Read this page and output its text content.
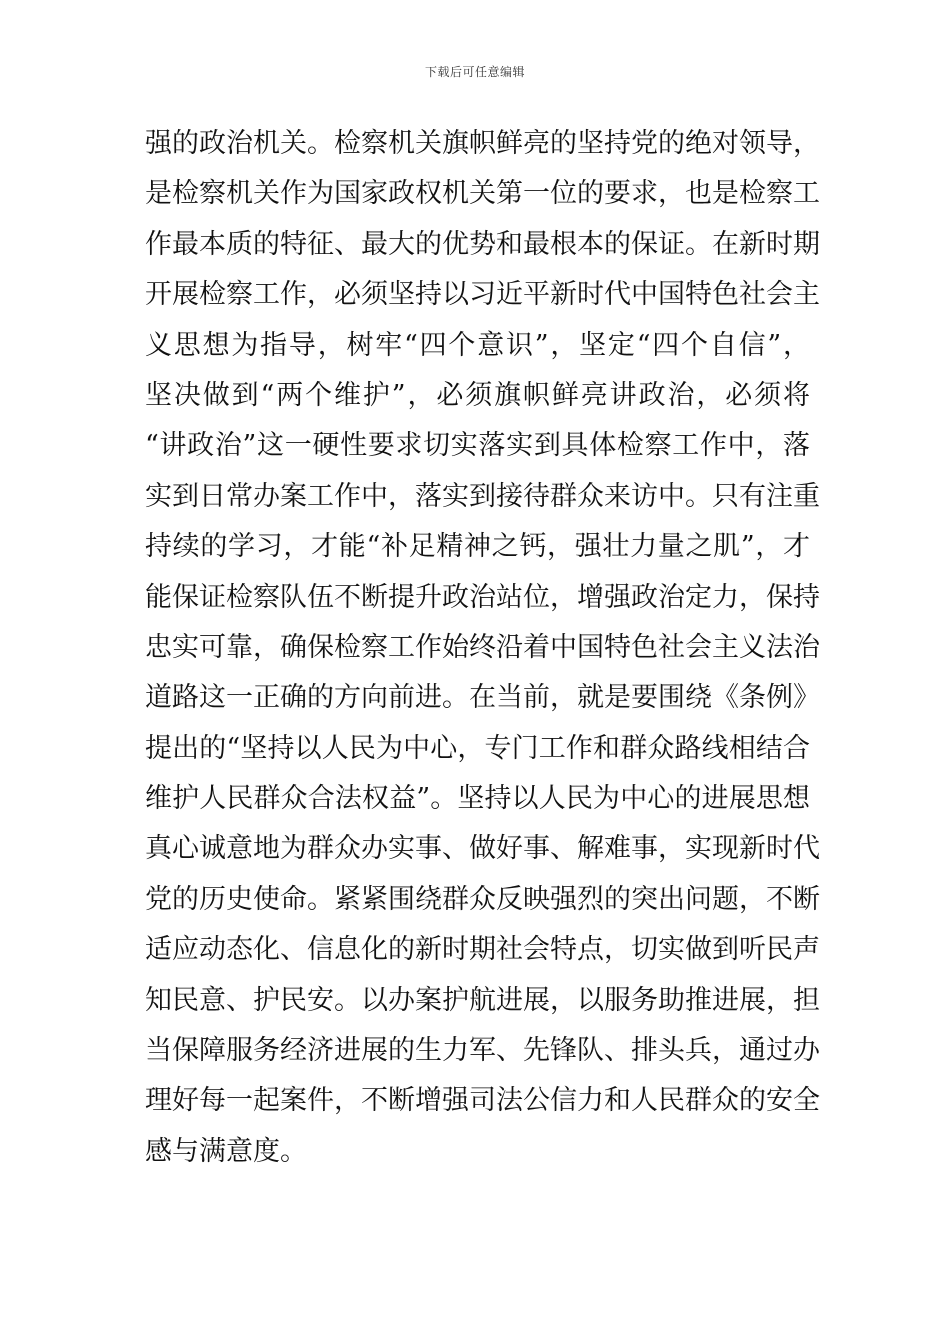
下载后可任意编辑
强的政治机关。检察机关旗帜鲜亮的坚持党的绝对领导，
是检察机关作为国家政权机关第一位的要求，也是检察工
作最本质的特征、最大的优势和最根本的保证。在新时期
开展检察工作，必须坚持以习近平新时代中国特色社会主
义思想为指导，树牢“四个意识”，坚定“四个自信”，
坚决做到“两个维护”，必须旗帜鲜亮讲政治，必须将
“讲政治”这一硬性要求切实落实到具体检察工作中，落
实到日常办案工作中，落实到接待群众来访中。只有注重
持续的学习，才能“补足精神之钙，强壮力量之肌”，才
能保证检察队伍不断提升政治站位，增强政治定力，保持
忠实可靠，确保检察工作始终沿着中国特色社会主义法治
道路这一正确的方向前进。在当前，就是要围绕《条例》
提出的“坚持以人民为中心，专门工作和群众路线相结合
维护人民群众合法权益”。坚持以人民为中心的进展思想
真心诚意地为群众办实事、做好事、解难事，实现新时代
党的历史使命。紧紧围绕群众反映强烈的突出问题，不断
适应动态化、信息化的新时期社会特点，切实做到听民声
知民意、护民安。以办案护航进展，以服务助推进展，担
当保障服务经济进展的生力军、先锋队、排头兵，通过办
理好每一起案件，不断增强司法公信力和人民群众的安全
感与满意度。
